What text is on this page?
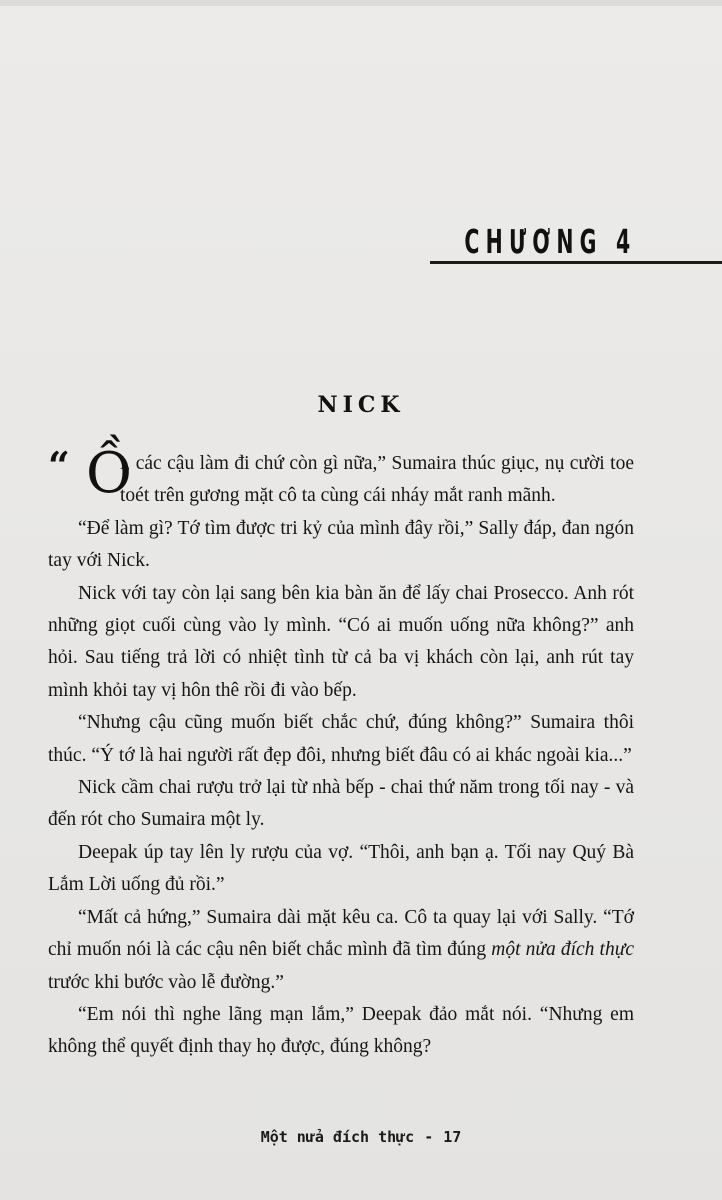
CHƯƠNG 4
NICK

“ Ồ
i, các cậu làm đi chứ còn gì nữa,” Sumaira thúc giục, nụ cười toe toét trên gương mặt cô ta cùng cái nháy mắt ranh mãnh.

“Để làm gì? Tớ tìm được tri kỷ của mình đây rồi,” Sally đáp, đan ngón tay với Nick.

Nick với tay còn lại sang bên kia bàn ăn để lấy chai Prosecco. Anh rót những giọt cuối cùng vào ly mình. “Có ai muốn uống nữa không?” anh hỏi. Sau tiếng trả lời có nhiệt tình từ cả ba vị khách còn lại, anh rút tay mình khỏi tay vị hôn thê rồi đi vào bếp.

“Nhưng cậu cũng muốn biết chắc chứ, đúng không?” Sumaira thôi thúc. “Ý tớ là hai người rất đẹp đôi, nhưng biết đâu có ai khác ngoài kia...”

Nick cầm chai rượu trở lại từ nhà bếp - chai thứ năm trong tối nay - và đến rót cho Sumaira một ly.

Deepak úp tay lên ly rượu của vợ. “Thôi, anh bạn ạ. Tối nay Quý Bà Lắm Lời uống đủ rồi.”

“Mất cả hứng,” Sumaira dài mặt kêu ca. Cô ta quay lại với Sally. “Tớ chỉ muốn nói là các cậu nên biết chắc mình đã tìm đúng một nửa đích thực trước khi bước vào lễ đường.”

“Em nói thì nghe lãng mạn lắm,” Deepak đảo mắt nói. “Nhưng em không thể quyết định thay họ được, đúng không?

Một nửa đích thực - 17
